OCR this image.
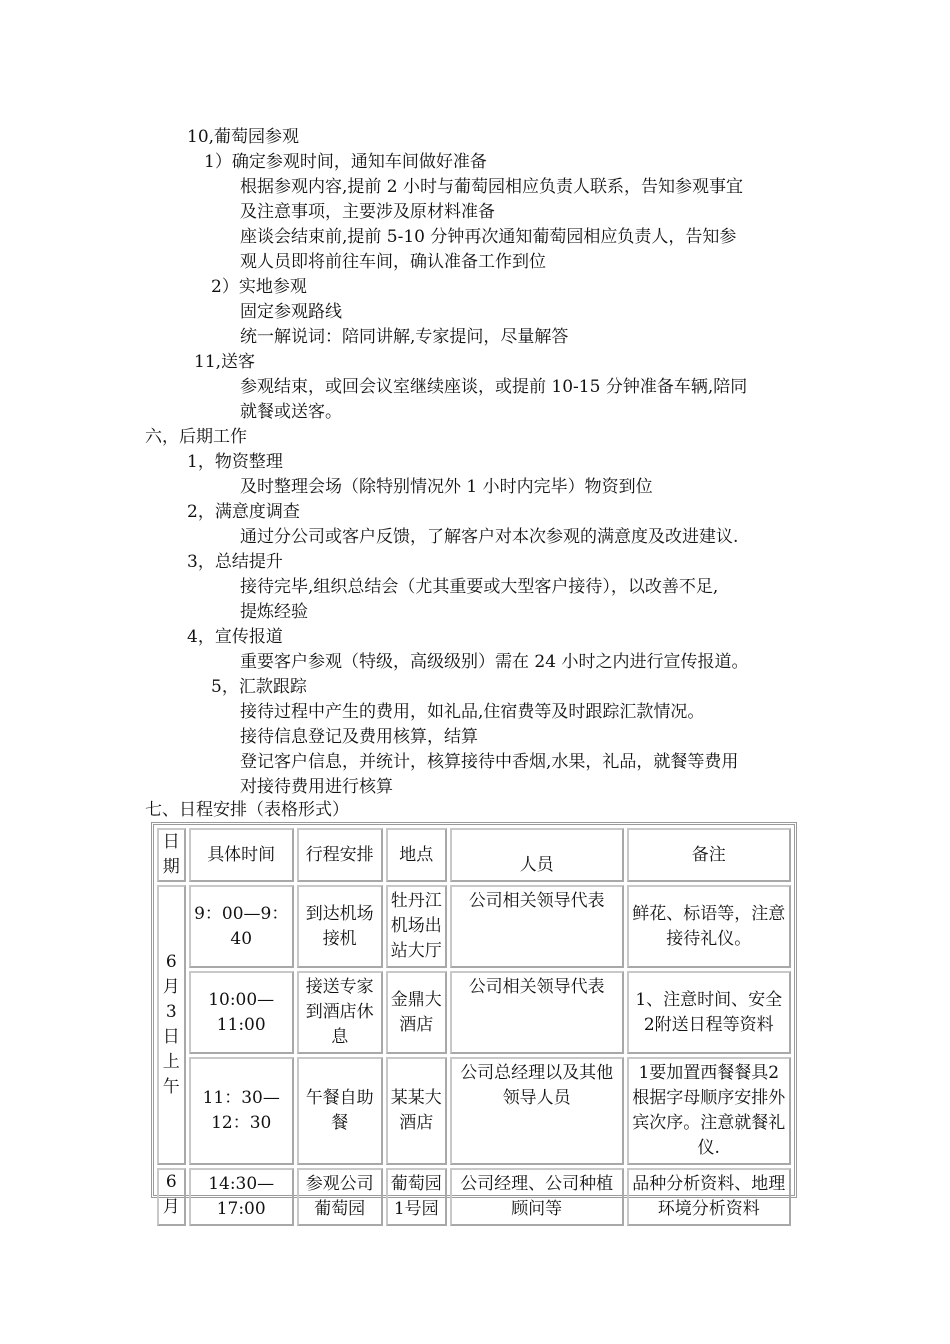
10,葡萄园参观
1）确定参观时间，通知车间做好准备
根据参观内容,提前 2 小时与葡萄园相应负责人联系，告知参观事宜
及注意事项，主要涉及原材料准备
座谈会结束前,提前 5-10 分钟再次通知葡萄园相应负责人，告知参
观人员即将前往车间，确认准备工作到位
2）实地参观
固定参观路线
统一解说词：陪同讲解,专家提问，尽量解答
11,送客
参观结束，或回会议室继续座谈，或提前 10-15 分钟准备车辆,陪同
就餐或送客。
六，后期工作
1，物资整理
及时整理会场（除特别情况外 1 小时内完毕）物资到位
2，满意度调查
通过分公司或客户反馈，了解客户对本次参观的满意度及改进建议.
3，总结提升
接待完毕,组织总结会（尤其重要或大型客户接待），以改善不足,
提炼经验
4，宣传报道
重要客户参观（特级，高级级别）需在 24 小时之内进行宣传报道。
5，汇款跟踪
接待过程中产生的费用，如礼品,住宿费等及时跟踪汇款情况。
接待信息登记及费用核算，结算
登记客户信息，并统计，核算接待中香烟,水果，礼品，就餐等费用
对接待费用进行核算
七、日程安排（表格形式）
日期	具体时间	行程安排	地点	人员	备注
6月3日上午	9：00—9：40	到达机场接机	牡丹江机场出站大厅	公司相关领导代表	鲜花、标语等，注意接待礼仪。
	10:00—11:00	接送专家到酒店休息	金鼎大酒店	公司相关领导代表	1、注意时间、安全2附送日程等资料
	11：30—12：30	午餐自助餐	某某大酒店	公司总经理以及其他领导人员	1要加置西餐餐具2根据字母顺序安排外宾次序。注意就餐礼仪.
6月	14:30—17:00	参观公司葡萄园	葡萄园1号园	公司经理、公司种植顾问等	品种分析资料、地理环境分析资料
